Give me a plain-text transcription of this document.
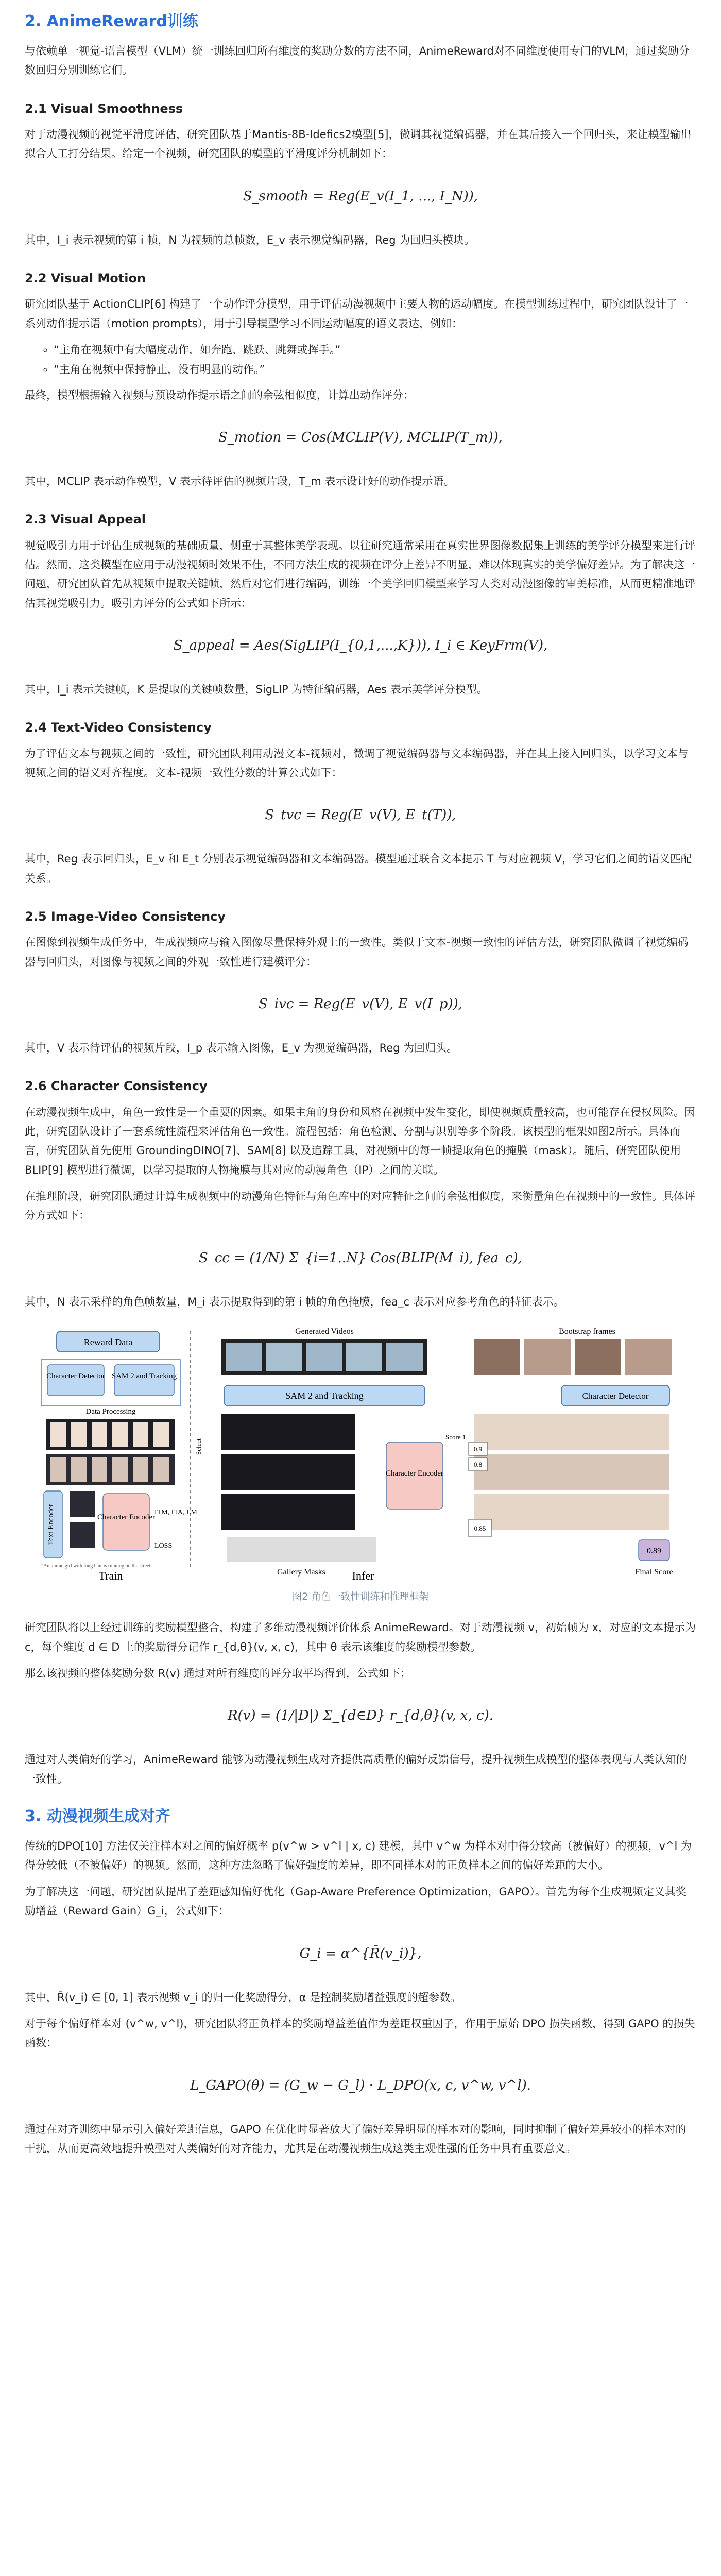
2. AnimeReward训练

与依赖单一视觉-语言模型（VLM）统一训练回归所有维度的奖励分数的方法不同，AnimeReward对不同维度使用专门的VLM，通过奖励分数回归分别训练它们。

2.1 Visual Smoothness

对于动漫视频的视觉平滑度评估，研究团队基于Mantis-8B-Idefics2模型[5]，微调其视觉编码器，并在其后接入一个回归头，来让模型输出拟合人工打分结果。给定一个视频，研究团队的模型的平滑度评分机制如下：

S_smooth = Reg(E_v(I_1, ..., I_N)),

其中，I_i 表示视频的第 i 帧，N 为视频的总帧数，E_v 表示视觉编码器，Reg 为回归头模块。

2.2 Visual Motion

研究团队基于 ActionCLIP[6] 构建了一个动作评分模型，用于评估动漫视频中主要人物的运动幅度。在模型训练过程中，研究团队设计了一系列动作提示语（motion prompts），用于引导模型学习不同运动幅度的语义表达，例如：

◦ “主角在视频中有大幅度动作，如奔跑、跳跃、跳舞或挥手。”
◦ “主角在视频中保持静止，没有明显的动作。”

最终，模型根据输入视频与预设动作提示语之间的余弦相似度，计算出动作评分：

S_motion = Cos(MCLIP(V), MCLIP(T_m)),

其中，MCLIP 表示动作模型，V 表示待评估的视频片段，T_m 表示设计好的动作提示语。

2.3 Visual Appeal

视觉吸引力用于评估生成视频的基础质量，侧重于其整体美学表现。以往研究通常采用在真实世界图像数据集上训练的美学评分模型来进行评估。然而，这类模型在应用于动漫视频时效果不佳，不同方法生成的视频在评分上差异不明显，难以体现真实的美学偏好差异。为了解决这一问题，研究团队首先从视频中提取关键帧，然后对它们进行编码，训练一个美学回归模型来学习人类对动漫图像的审美标准，从而更精准地评估其视觉吸引力。吸引力评分的公式如下所示：

S_appeal = Aes(SigLIP(I_{0,1,...,K})), I_i ∈ KeyFrm(V),

其中，I_i 表示关键帧，K 是提取的关键帧数量，SigLIP 为特征编码器，Aes 表示美学评分模型。

2.4 Text-Video Consistency

为了评估文本与视频之间的一致性，研究团队利用动漫文本-视频对，微调了视觉编码器与文本编码器，并在其上接入回归头，以学习文本与视频之间的语义对齐程度。文本-视频一致性分数的计算公式如下：

S_tvc = Reg(E_v(V), E_t(T)),

其中，Reg 表示回归头，E_v 和 E_t 分别表示视觉编码器和文本编码器。模型通过联合文本提示 T 与对应视频 V，学习它们之间的语义匹配关系。

2.5 Image-Video Consistency

在图像到视频生成任务中，生成视频应与输入图像尽量保持外观上的一致性。类似于文本-视频一致性的评估方法，研究团队微调了视觉编码器与回归头，对图像与视频之间的外观一致性进行建模评分：

S_ivc = Reg(E_v(V), E_v(I_p)),

其中，V 表示待评估的视频片段，I_p 表示输入图像，E_v 为视觉编码器，Reg 为回归头。

2.6 Character Consistency

在动漫视频生成中，角色一致性是一个重要的因素。如果主角的身份和风格在视频中发生变化，即使视频质量较高，也可能存在侵权风险。因此，研究团队设计了一套系统性流程来评估角色一致性。流程包括：角色检测、分割与识别等多个阶段。该模型的框架如图2所示。具体而言，研究团队首先使用 GroundingDINO[7]、SAM[8] 以及追踪工具，对视频中的每一帧提取角色的掩膜（mask）。随后，研究团队使用 BLIP[9] 模型进行微调，以学习提取的人物掩膜与其对应的动漫角色（IP）之间的关联。

在推理阶段，研究团队通过计算生成视频中的动漫角色特征与角色库中的对应特征之间的余弦相似度，来衡量角色在视频中的一致性。具体评分方式如下：

S_cc = (1/N) Σ_{i=1..N} Cos(BLIP(M_i), fea_c),

其中，N 表示采样的角色帧数量，M_i 表示提取得到的第 i 帧的角色掩膜，fea_c 表示对应参考角色的特征表示。

Reward Data
Character Detector SAM 2 and Tracking
Data Processing
Text Encoder	Character Encoder
ITM, ITA, LM
LOSS
"An anime girl with long hair is running on the street"
Train
Select
Generated Videos
SAM 2 and Tracking
Character Encoder
Gallery Masks Infer
Bootstrap frames
Character Detector
Score 1
0.9
0.8
0.85
0.89
Final Score
图2 角色一致性训练和推理框架

研究团队将以上经过训练的奖励模型整合，构建了多维动漫视频评价体系 AnimeReward。对于动漫视频 v，初始帧为 x，对应的文本提示为 c，每个维度 d ∈ D 上的奖励得分记作 r_{d,θ}(v, x, c)，其中 θ 表示该维度的奖励模型参数。

那么该视频的整体奖励分数 R(v) 通过对所有维度的评分取平均得到，公式如下：

R(v) = (1/|D|) Σ_{d∈D} r_{d,θ}(v, x, c).

通过对人类偏好的学习，AnimeReward 能够为动漫视频生成对齐提供高质量的偏好反馈信号，提升视频生成模型的整体表现与人类认知的一致性。

3. 动漫视频生成对齐

传统的DPO[10] 方法仅关注样本对之间的偏好概率 p(v^w > v^l | x, c) 建模，其中 v^w 为样本对中得分较高（被偏好）的视频，v^l 为得分较低（不被偏好）的视频。然而，这种方法忽略了偏好强度的差异，即不同样本对的正负样本之间的偏好差距的大小。

为了解决这一问题，研究团队提出了差距感知偏好优化（Gap-Aware Preference Optimization，GAPO）。首先为每个生成视频定义其奖励增益（Reward Gain）G_i，公式如下：

G_i = α^{R̄(v_i)},

其中，R̄(v_i) ∈ [0, 1] 表示视频 v_i 的归一化奖励得分，α 是控制奖励增益强度的超参数。

对于每个偏好样本对 (v^w, v^l)，研究团队将正负样本的奖励增益差值作为差距权重因子，作用于原始 DPO 损失函数，得到 GAPO 的损失函数：

L_GAPO(θ) = (G_w − G_l) · L_DPO(x, c, v^w, v^l).

通过在对齐训练中显示引入偏好差距信息，GAPO 在优化时显著放大了偏好差异明显的样本对的影响，同时抑制了偏好差异较小的样本对的干扰，从而更高效地提升模型对人类偏好的对齐能力，尤其是在动漫视频生成这类主观性强的任务中具有重要意义。
